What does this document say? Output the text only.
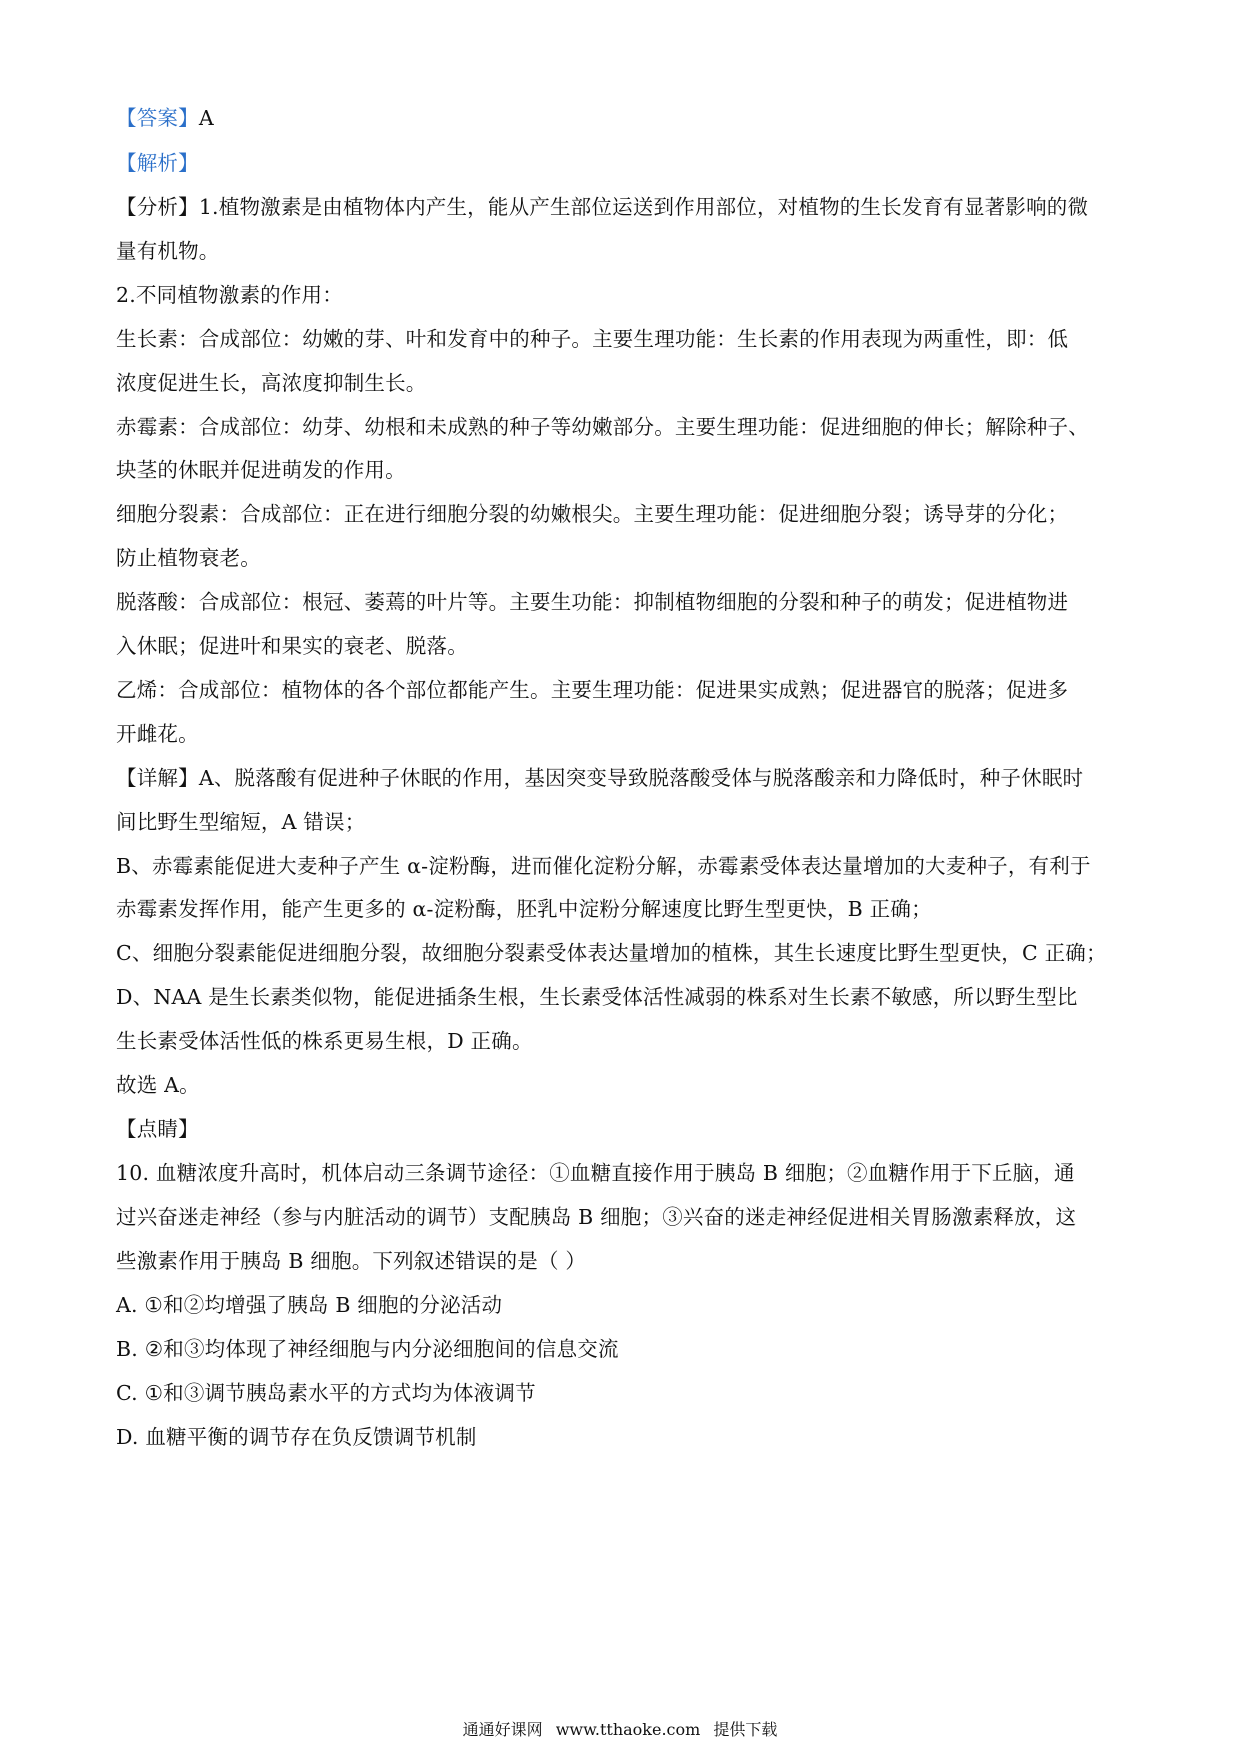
【答案】A
【解析】
【分析】1.植物激素是由植物体内产生，能从产生部位运送到作用部位，对植物的生长发育有显著影响的微
量有机物。
2.不同植物激素的作用：
生长素：合成部位：幼嫩的芽、叶和发育中的种子。主要生理功能：生长素的作用表现为两重性，即：低
浓度促进生长，高浓度抑制生长。
赤霉素：合成部位：幼芽、幼根和未成熟的种子等幼嫩部分。主要生理功能：促进细胞的伸长；解除种子、
块茎的休眠并促进萌发的作用。
细胞分裂素：合成部位：正在进行细胞分裂的幼嫩根尖。主要生理功能：促进细胞分裂；诱导芽的分化；
防止植物衰老。
脱落酸：合成部位：根冠、萎蔫的叶片等。主要生功能：抑制植物细胞的分裂和种子的萌发；促进植物进
入休眠；促进叶和果实的衰老、脱落。
乙烯：合成部位：植物体的各个部位都能产生。主要生理功能：促进果实成熟；促进器官的脱落；促进多
开雌花。
【详解】A、脱落酸有促进种子休眠的作用，基因突变导致脱落酸受体与脱落酸亲和力降低时，种子休眠时
间比野生型缩短，A 错误；
B、赤霉素能促进大麦种子产生 α-淀粉酶，进而催化淀粉分解，赤霉素受体表达量增加的大麦种子，有利于
赤霉素发挥作用，能产生更多的 α-淀粉酶，胚乳中淀粉分解速度比野生型更快，B 正确；
C、细胞分裂素能促进细胞分裂，故细胞分裂素受体表达量增加的植株，其生长速度比野生型更快，C 正确；
D、NAA 是生长素类似物，能促进插条生根，生长素受体活性减弱的株系对生长素不敏感，所以野生型比
生长素受体活性低的株系更易生根，D 正确。
故选 A。
【点睛】
10. 血糖浓度升高时，机体启动三条调节途径：①血糖直接作用于胰岛 B 细胞；②血糖作用于下丘脑，通
过兴奋迷走神经（参与内脏活动的调节）支配胰岛 B 细胞；③兴奋的迷走神经促进相关胃肠激素释放，这
些激素作用于胰岛 B 细胞。下列叙述错误的是（ ）
A. ①和②均增强了胰岛 B 细胞的分泌活动
B. ②和③均体现了神经细胞与内分泌细胞间的信息交流
C. ①和③调节胰岛素水平的方式均为体液调节
D. 血糖平衡的调节存在负反馈调节机制
通通好课网 www.tthaoke.com 提供下载
